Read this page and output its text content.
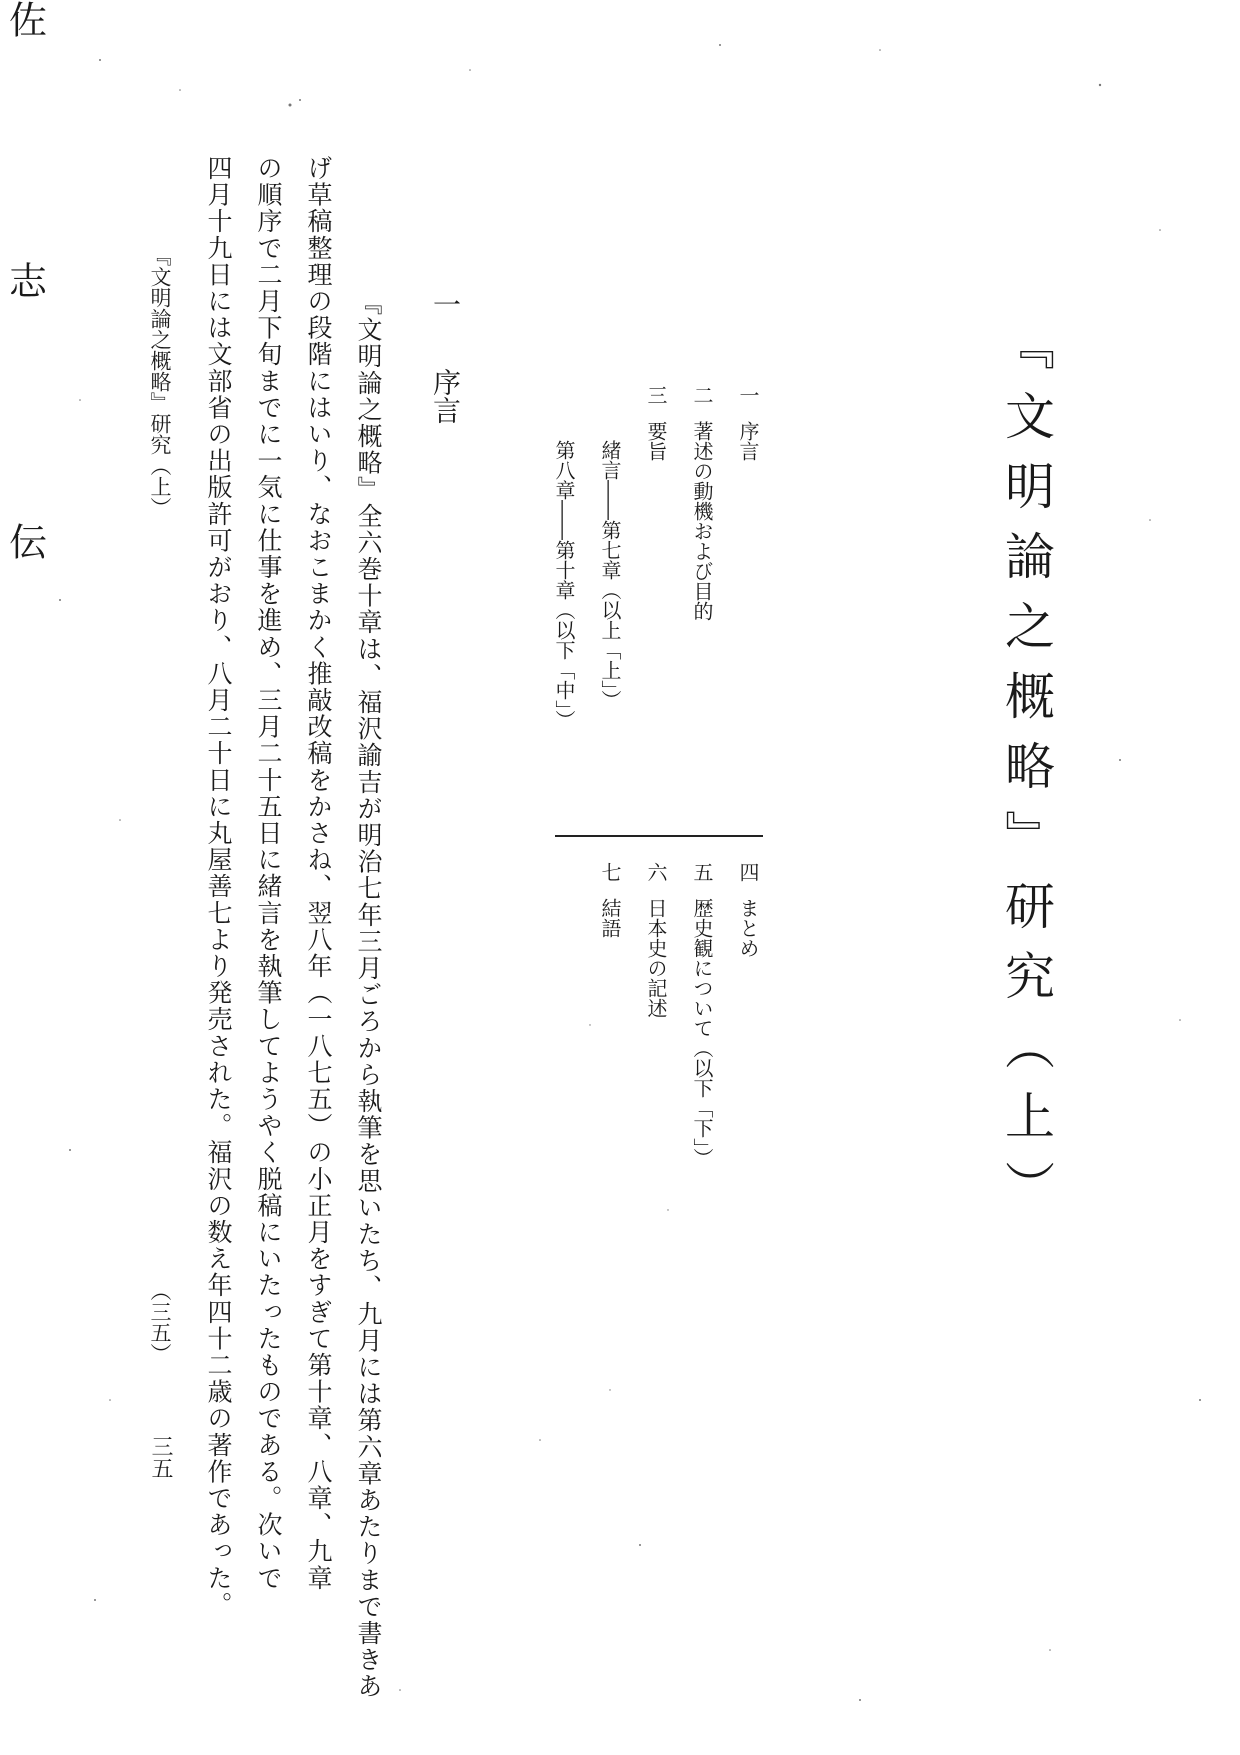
『文明論之概略』研究（上）
佐
志
伝
一序言
二著述の動機および目的
三要旨
緒言――第七章（以上「上」）
第八章――第十章（以下「中」）
四まとめ
五歴史観について（以下「下」）
六日本史の記述
七結語
一序言
『文明論之概略』全六巻十章は、福沢諭吉が明治七年三月ごろから執筆を思いたち、九月には第六章あたりまで書きあ
げ草稿整理の段階にはいり、なおこまかく推敲改稿をかさね、翌八年（一八七五）の小正月をすぎて第十章、八章、九章
の順序で二月下旬までに一気に仕事を進め、三月二十五日に緒言を執筆してようやく脱稿にいたったものである。次いで
四月十九日には文部省の出版許可がおり、八月二十日に丸屋善七より発売された。福沢の数え年四十二歳の著作であった。
『文明論之概略』研究（上）
（三五）
三五
